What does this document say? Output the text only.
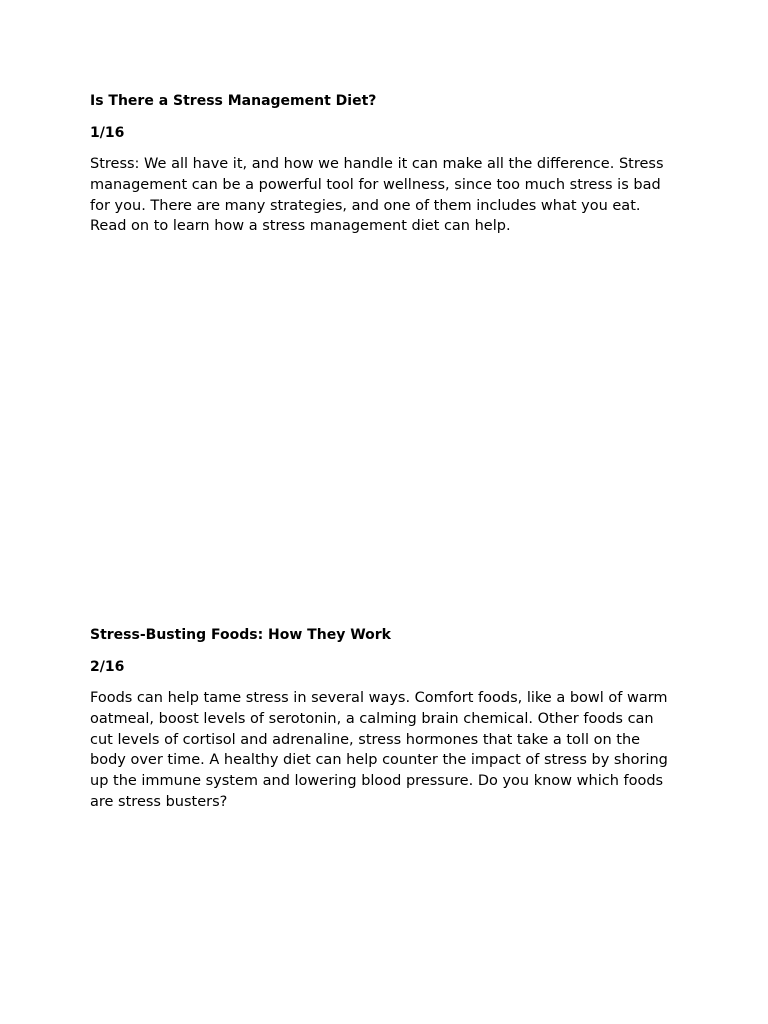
Is There a Stress Management Diet?
1/16

Stress: We all have it, and how we handle it can make all the difference. Stress management can be a powerful tool for wellness, since too much stress is bad for you. There are many strategies, and one of them includes what you eat. Read on to learn how a stress management diet can help.

Stress-Busting Foods: How They Work
2/16

Foods can help tame stress in several ways. Comfort foods, like a bowl of warm oatmeal, boost levels of serotonin, a calming brain chemical. Other foods can cut levels of cortisol and adrenaline, stress hormones that take a toll on the body over time. A healthy diet can help counter the impact of stress by shoring up the immune system and lowering blood pressure. Do you know which foods are stress busters?
